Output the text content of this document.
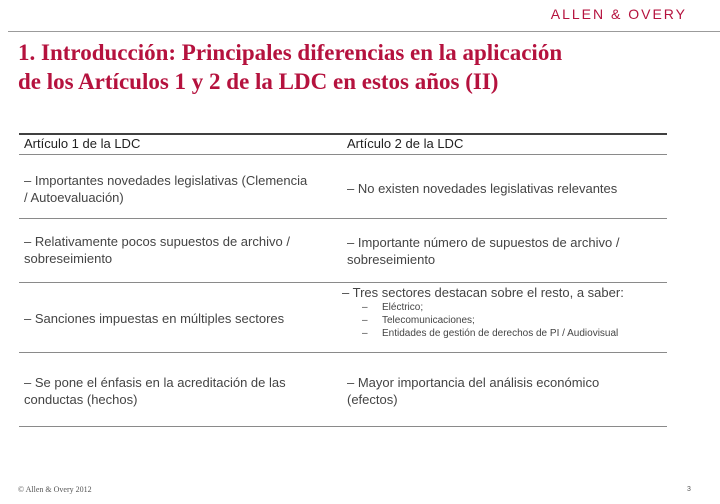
ALLEN & OVERY
1. Introducción: Principales diferencias en la aplicación
de los Artículos 1 y 2 de la LDC en estos años (II)
Artículo 1 de la LDC	Artículo 2 de la LDC
– Importantes novedades legislativas (Clemencia
/ Autoevaluación)
– No existen novedades legislativas relevantes
– Relativamente pocos supuestos de archivo /
sobreseimiento
– Importante número de supuestos de archivo /
sobreseimiento
– Sanciones impuestas en múltiples sectores
– Tres sectores destacan sobre el resto, a saber:
– Eléctrico;
– Telecomunicaciones;
– Entidades de gestión de derechos de PI / Audiovisual
– Se pone el énfasis en la acreditación de las
conductas (hechos)
– Mayor importancia del análisis económico
(efectos)
© Allen & Overy 2012	3
